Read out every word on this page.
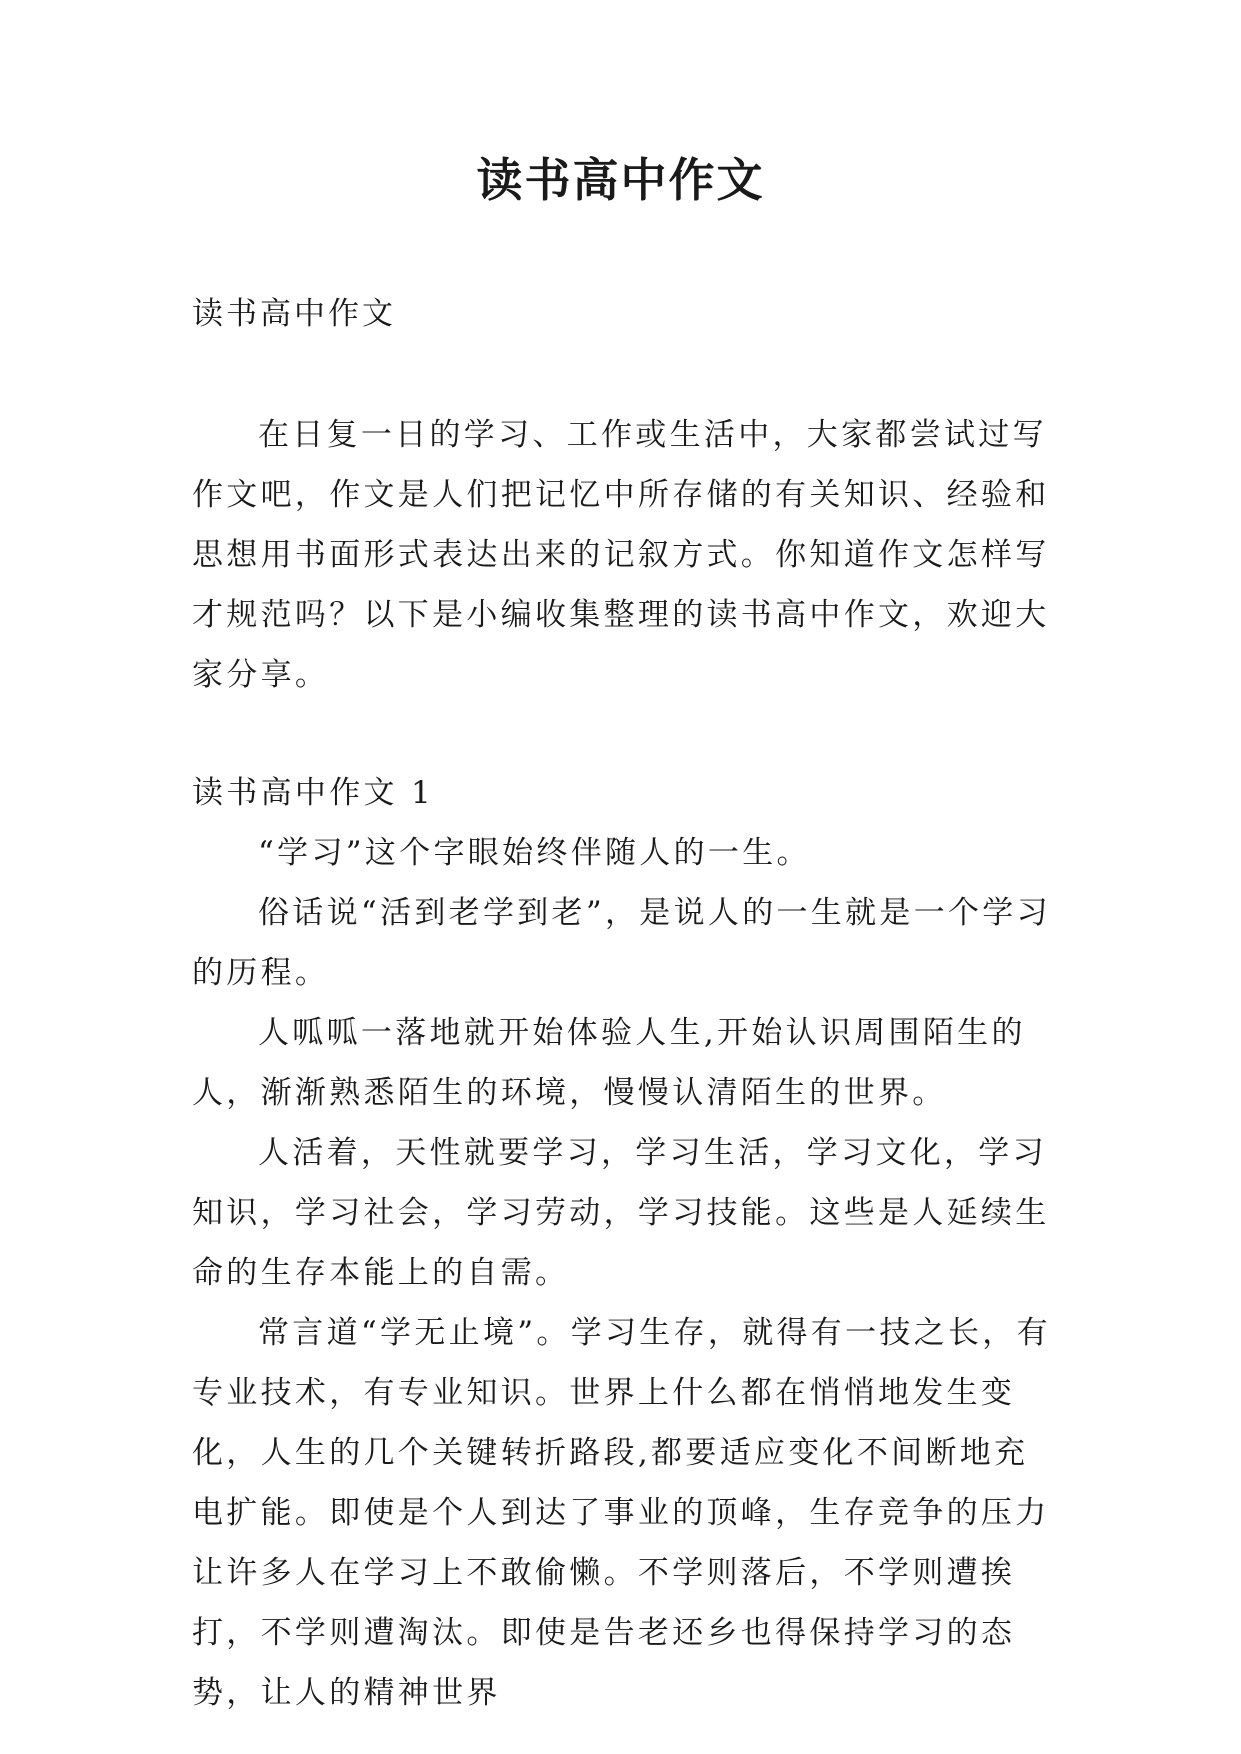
读书高中作文

读书高中作文

在日复一日的学习、工作或生活中，大家都尝试过写作文吧，作文是人们把记忆中所存储的有关知识、经验和思想用书面形式表达出来的记叙方式。你知道作文怎样写才规范吗？以下是小编收集整理的读书高中作文，欢迎大家分享。

读书高中作文 1

“学习”这个字眼始终伴随人的一生。

俗话说“活到老学到老”，是说人的一生就是一个学习的历程。

人呱呱一落地就开始体验人生,开始认识周围陌生的人，渐渐熟悉陌生的环境，慢慢认清陌生的世界。

人活着，天性就要学习，学习生活，学习文化，学习知识，学习社会，学习劳动，学习技能。这些是人延续生命的生存本能上的自需。

常言道“学无止境”。学习生存，就得有一技之长，有专业技术，有专业知识。世界上什么都在悄悄地发生变化，人生的几个关键转折路段,都要适应变化不间断地充电扩能。即使是个人到达了事业的顶峰，生存竞争的压力让许多人在学习上不敢偷懒。不学则落后，不学则遭挨打，不学则遭淘汰。即使是告老还乡也得保持学习的态势，让人的精神世界
